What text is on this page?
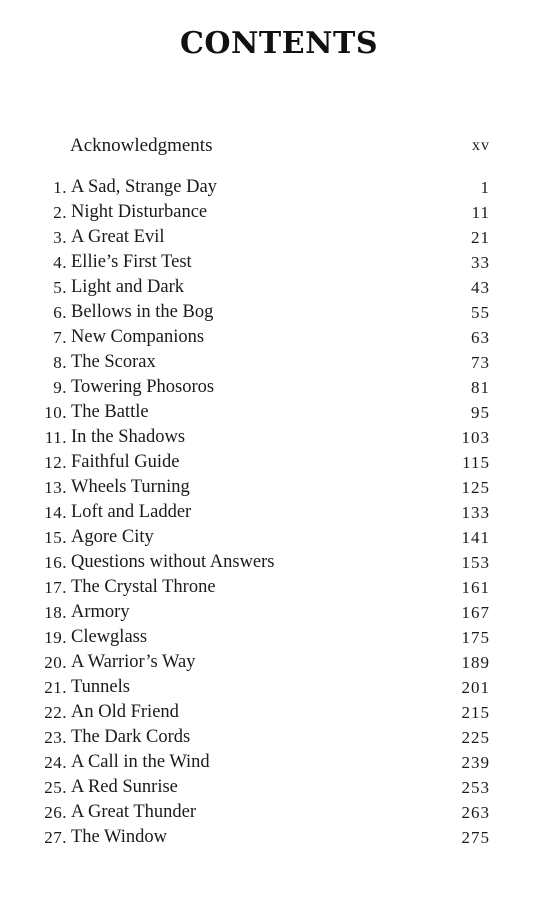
CONTENTS
Acknowledgments	xv
1. A Sad, Strange Day	1
2. Night Disturbance	11
3. A Great Evil	21
4. Ellie’s First Test	33
5. Light and Dark	43
6. Bellows in the Bog	55
7. New Companions	63
8. The Scorax	73
9. Towering Phosoros	81
10. The Battle	95
11. In the Shadows	103
12. Faithful Guide	115
13. Wheels Turning	125
14. Loft and Ladder	133
15. Agore City	141
16. Questions without Answers	153
17. The Crystal Throne	161
18. Armory	167
19. Clewglass	175
20. A Warrior’s Way	189
21. Tunnels	201
22. An Old Friend	215
23. The Dark Cords	225
24. A Call in the Wind	239
25. A Red Sunrise	253
26. A Great Thunder	263
27. The Window	275
